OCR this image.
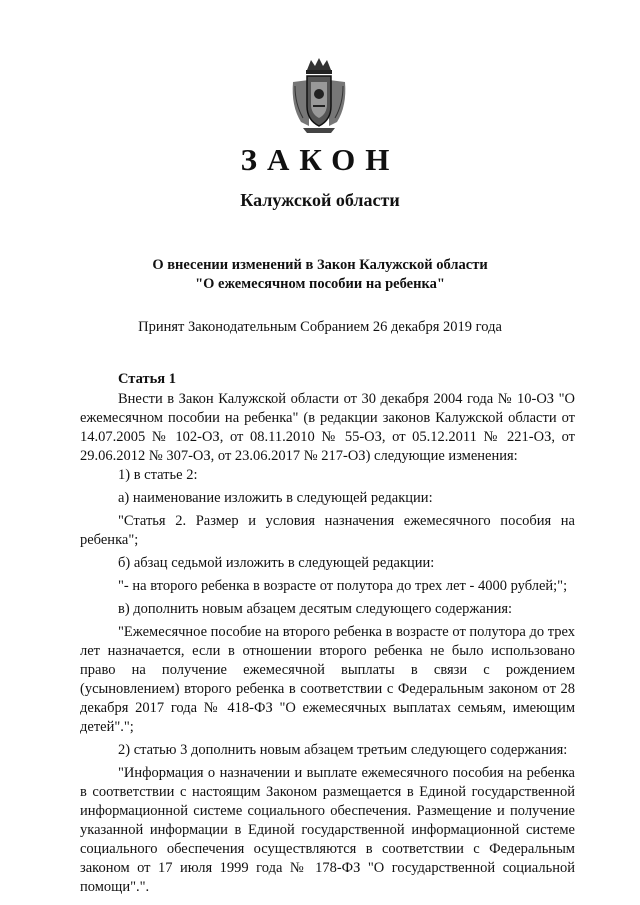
ЗАКОН
Калужской области
О внесении изменений в Закон Калужской области
"О ежемесячном пособии на ребенка"
Принят Законодательным Собранием 26 декабря 2019 года
Статья 1

Внести в Закон Калужской области от 30 декабря 2004 года № 10-ОЗ "О ежемесячном пособии на ребенка" (в редакции законов Калужской области от 14.07.2005 № 102-ОЗ, от 08.11.2010 № 55-ОЗ, от 05.12.2011 № 221-ОЗ, от 29.06.2012 № 307-ОЗ, от 23.06.2017 № 217-ОЗ) следующие изменения:

1) в статье 2:

а) наименование изложить в следующей редакции:

"Статья 2. Размер и условия назначения ежемесячного пособия на ребенка";

б) абзац седьмой изложить в следующей редакции:

"- на второго ребенка в возрасте от полутора до трех лет - 4000 рублей;";

в) дополнить новым абзацем десятым следующего содержания:

"Ежемесячное пособие на второго ребенка в возрасте от полутора до трех лет назначается, если в отношении второго ребенка не было использовано право на получение ежемесячной выплаты в связи с рождением (усыновлением) второго ребенка в соответствии с Федеральным законом от 28 декабря 2017 года № 418-ФЗ "О ежемесячных выплатах семьям, имеющим детей".";

2) статью 3 дополнить новым абзацем третьим следующего содержания:

"Информация о назначении и выплате ежемесячного пособия на ребенка в соответствии с настоящим Законом размещается в Единой государственной информационной системе социального обеспечения. Размещение и получение указанной информации в Единой государственной информационной системе социального обеспечения осуществляются в соответствии с Федеральным законом от 17 июля 1999 года № 178-ФЗ "О государственной социальной помощи".".
